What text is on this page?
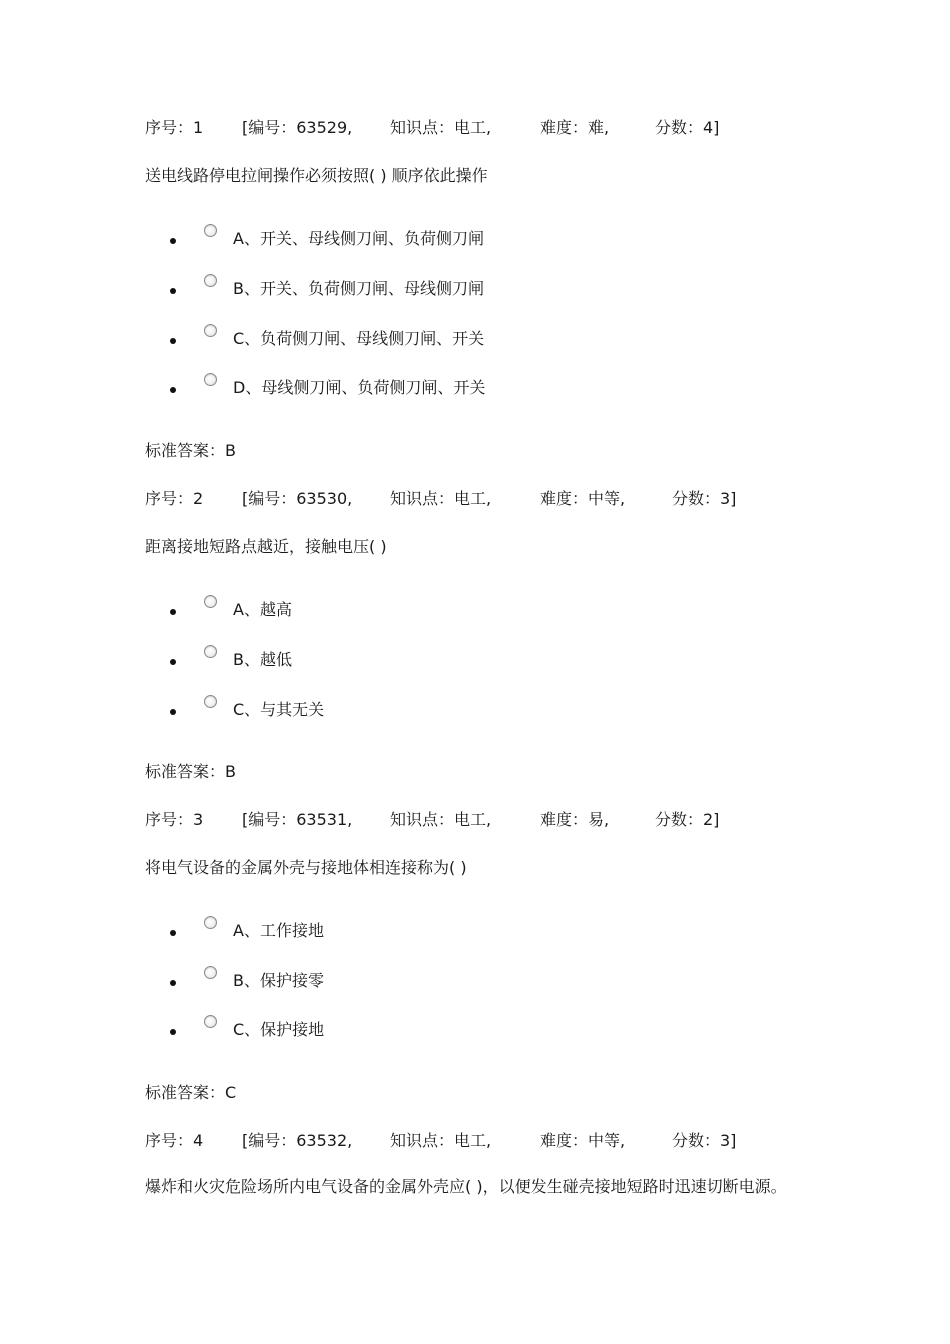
序号：1 [编号：63529, 知识点：电工,	难度：难,	分数：4]
送电线路停电拉闸操作必须按照( ) 顺序依此操作
A、开关、母线侧刀闸、负荷侧刀闸
B、开关、负荷侧刀闸、母线侧刀闸
C、负荷侧刀闸、母线侧刀闸、开关
D、母线侧刀闸、负荷侧刀闸、开关
标准答案：B
序号：2 [编号：63530, 知识点：电工,	难度：中等,	分数：3]
距离接地短路点越近，接触电压( )
A、越高
B、越低
C、与其无关
标准答案：B
序号：3 [编号：63531, 知识点：电工,	难度：易,	分数：2]
将电气设备的金属外壳与接地体相连接称为( )
A、工作接地
B、保护接零
C、保护接地
标准答案：C
序号：4 [编号：63532, 知识点：电工,	难度：中等,	分数：3]
爆炸和火灾危险场所内电气设备的金属外壳应( )，以便发生碰壳接地短路时迅速切断电源。
